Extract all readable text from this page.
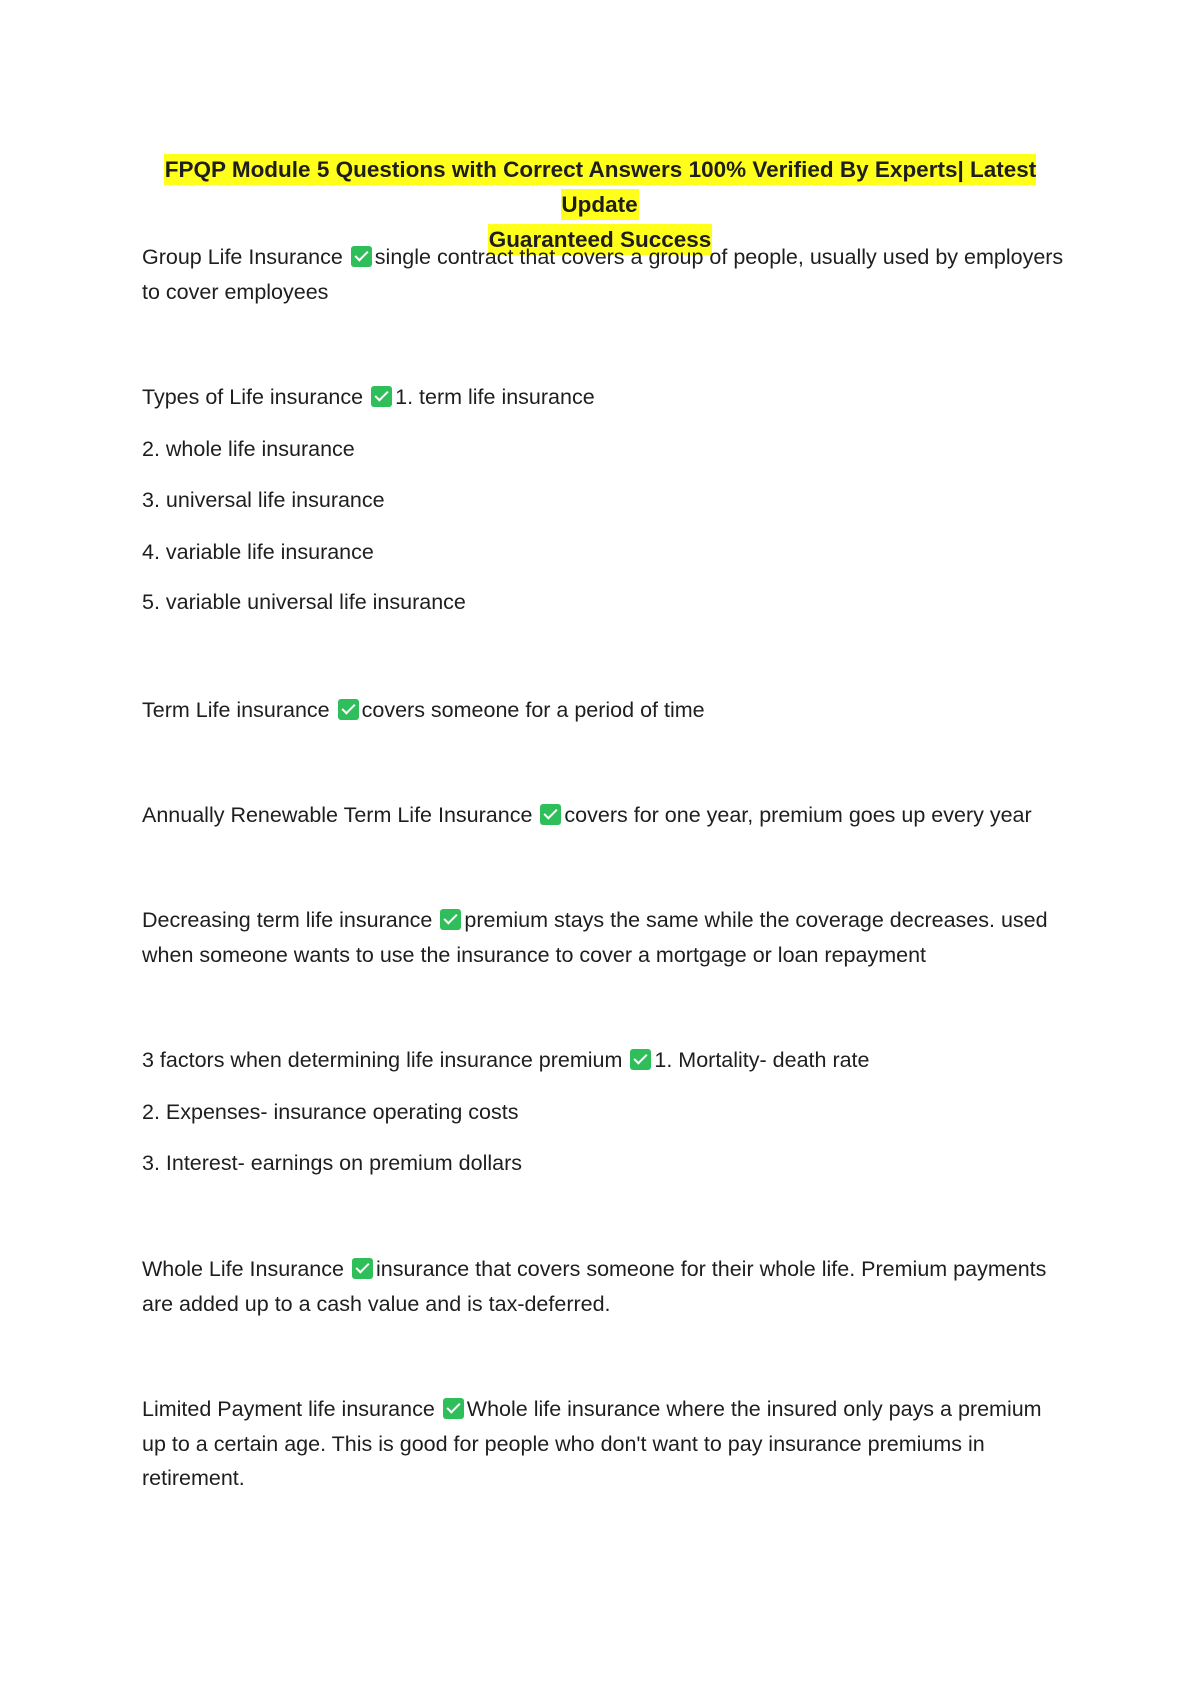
FPQP Module 5 Questions with Correct Answers 100% Verified By Experts| Latest Update
Guaranteed Success

Group Life Insurance single contract that covers a group of people, usually used by employers to cover employees

Types of Life insurance 1. term life insurance

2. whole life insurance
3. universal life insurance
4. variable life insurance
5. variable universal life insurance

Term Life insurance covers someone for a period of time

Annually Renewable Term Life Insurance covers for one year, premium goes up every year

Decreasing term life insurance premium stays the same while the coverage decreases. used when someone wants to use the insurance to cover a mortgage or loan repayment

3 factors when determining life insurance premium 1. Mortality- death rate

2. Expenses- insurance operating costs
3. Interest- earnings on premium dollars

Whole Life Insurance insurance that covers someone for their whole life. Premium payments are added up to a cash value and is tax-deferred.

Limited Payment life insurance Whole life insurance where the insured only pays a premium up to a certain age. This is good for people who don't want to pay insurance premiums in retirement.
